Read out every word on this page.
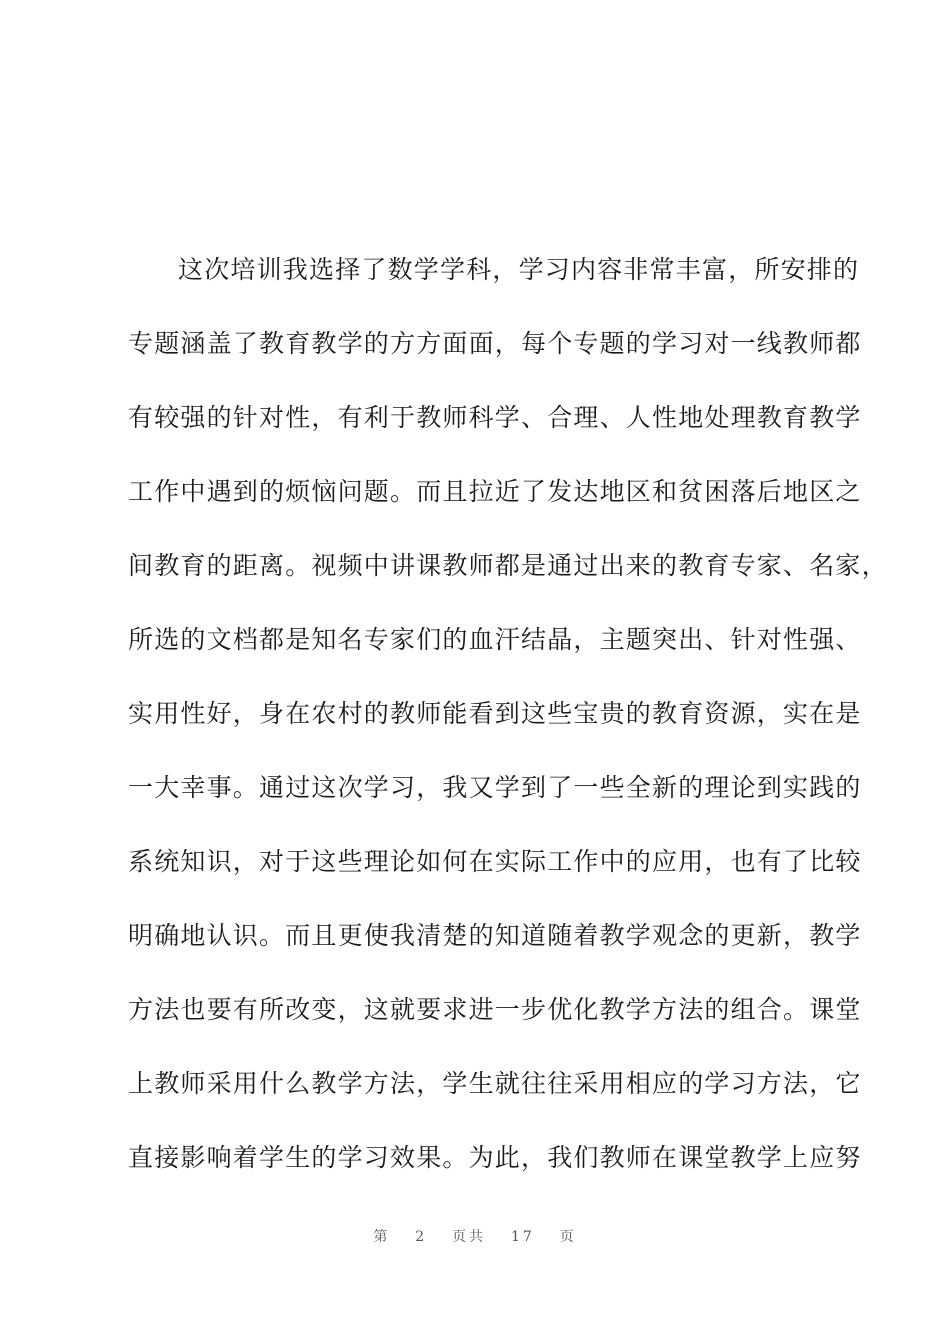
这次培训我选择了数学学科，学习内容非常丰富，所安排的
专题涵盖了教育教学的方方面面，每个专题的学习对一线教师都
有较强的针对性，有利于教师科学、合理、人性地处理教育教学
工作中遇到的烦恼问题。而且拉近了发达地区和贫困落后地区之
间教育的距离。视频中讲课教师都是通过出来的教育专家、名家，
所选的文档都是知名专家们的血汗结晶，主题突出、针对性强、
实用性好，身在农村的教师能看到这些宝贵的教育资源，实在是
一大幸事。通过这次学习，我又学到了一些全新的理论到实践的
系统知识，对于这些理论如何在实际工作中的应用，也有了比较
明确地认识。而且更使我清楚的知道随着教学观念的更新，教学
方法也要有所改变，这就要求进一步优化教学方法的组合。课堂
上教师采用什么教学方法，学生就往往采用相应的学习方法，它
直接影响着学生的学习效果。为此，我们教师在课堂教学上应努
第 2 页共 17 页
